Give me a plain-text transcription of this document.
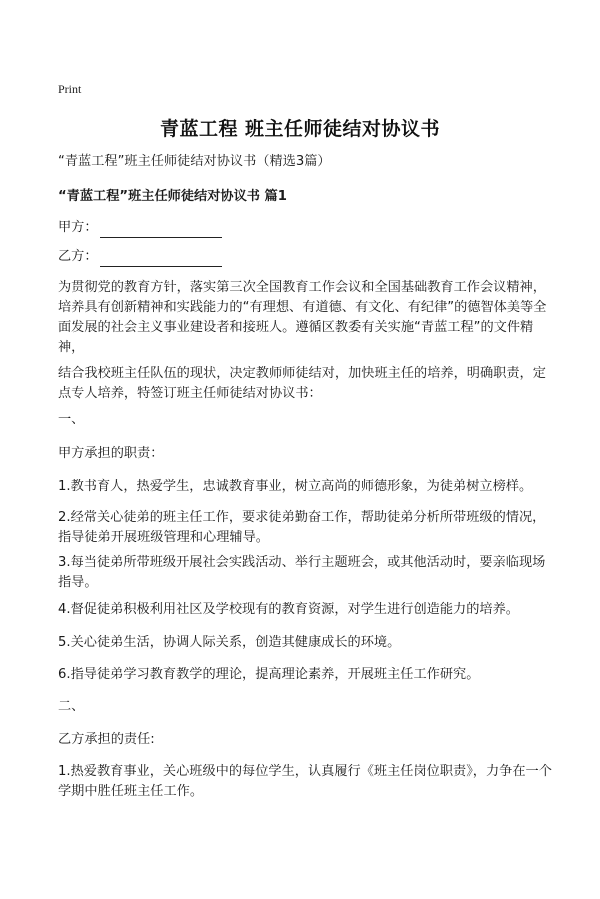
Print
青蓝工程 班主任师徒结对协议书

“青蓝工程”班主任师徒结对协议书（精选3篇）

“青蓝工程”班主任师徒结对协议书 篇1

甲方：
乙方：

为贯彻党的教育方针，落实第三次全国教育工作会议和全国基础教育工作会议精神，培养具有创新精神和实践能力的“有理想、有道德、有文化、有纪律”的德智体美等全面发展的社会主义事业建设者和接班人。遵循区教委有关实施“青蓝工程”的文件精神，

结合我校班主任队伍的现状，决定教师师徒结对，加快班主任的培养，明确职责，定点专人培养，特签订班主任师徒结对协议书：

一、

甲方承担的职责：

1.教书育人，热爱学生，忠诚教育事业，树立高尚的师德形象，为徒弟树立榜样。

2.经常关心徒弟的班主任工作，要求徒弟勤奋工作，帮助徒弟分析所带班级的情况，指导徒弟开展班级管理和心理辅导。

3.每当徒弟所带班级开展社会实践活动、举行主题班会，或其他活动时，要亲临现场指导。

4.督促徒弟积极利用社区及学校现有的教育资源，对学生进行创造能力的培养。

5.关心徒弟生活，协调人际关系，创造其健康成长的环境。

6.指导徒弟学习教育教学的理论，提高理论素养，开展班主任工作研究。

二、

乙方承担的责任:

1.热爱教育事业，关心班级中的每位学生，认真履行《班主任岗位职责》，力争在一个学期中胜任班主任工作。
